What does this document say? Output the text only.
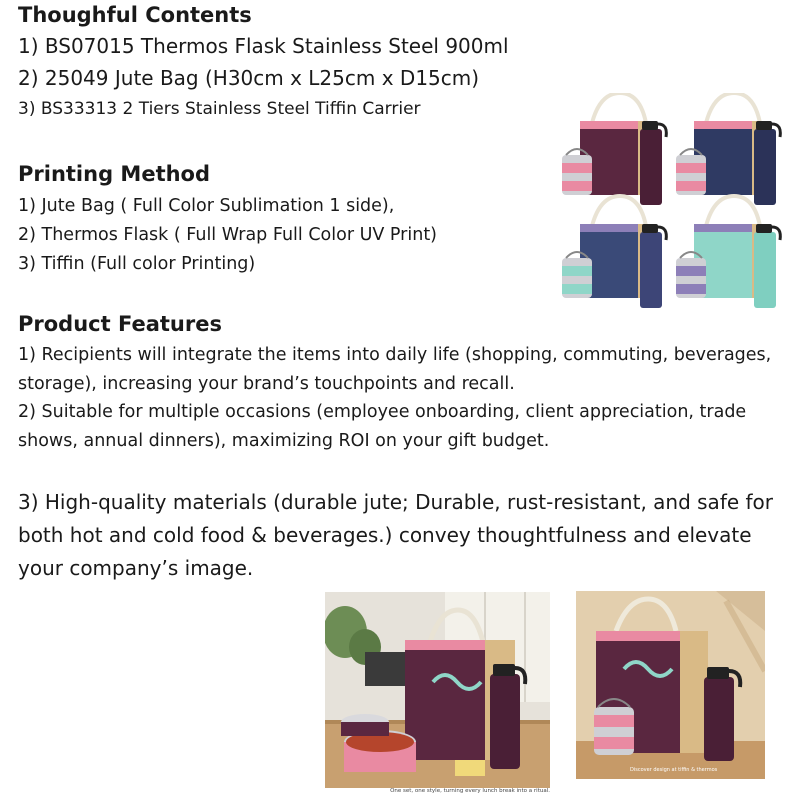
Thoughful Contents
1) BS07015 Thermos Flask Stainless Steel 900ml
2) 25049 Jute Bag (H30cm x L25cm x D15cm)
3) BS33313 2 Tiers Stainless Steel Tiffin Carrier
Printing Method
1) Jute Bag ( Full Color Sublimation 1 side),
2) Thermos Flask ( Full Wrap Full Color UV Print)
3) Tiffin (Full color Printing)
Product Features
1) Recipients will integrate the items into daily life (shopping, commuting, beverages, storage), increasing your brand’s touchpoints and recall.
2) Suitable for multiple occasions (employee onboarding, client appreciation, trade shows, annual dinners), maximizing ROI on your gift budget.
3) High-quality materials (durable jute; Durable, rust-resistant, and safe for both hot and cold food & beverages.) convey thoughtfulness and elevate your company’s image.
One set, one style, turning every lunch break into a ritual.
Discover design at tiffin & thermos
